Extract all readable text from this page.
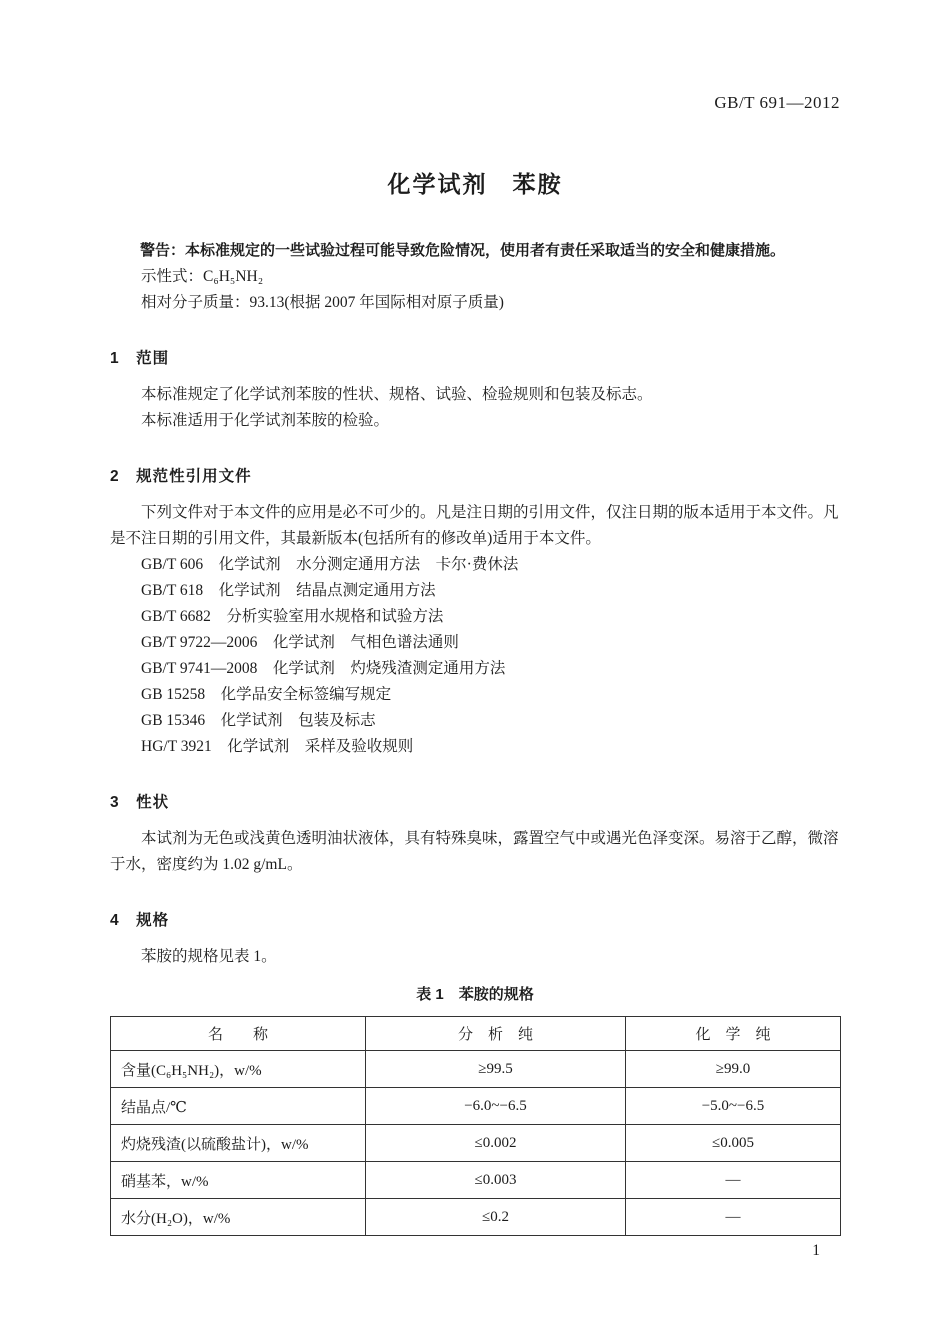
GB/T 691—2012
化学试剂　苯胺

警告：本标准规定的一些试验过程可能导致危险情况，使用者有责任采取适当的安全和健康措施。

示性式：C₆H₅NH₂

相对分子质量：93.13(根据 2007 年国际相对原子质量)

1　范围

本标准规定了化学试剂苯胺的性状、规格、试验、检验规则和包装及标志。

本标准适用于化学试剂苯胺的检验。

2　规范性引用文件

下列文件对于本文件的应用是必不可少的。凡是注日期的引用文件，仅注日期的版本适用于本文件。凡是不注日期的引用文件，其最新版本(包括所有的修改单)适用于本文件。

GB/T 606　化学试剂　水分测定通用方法　卡尔·费休法

GB/T 618　化学试剂　结晶点测定通用方法

GB/T 6682　分析实验室用水规格和试验方法

GB/T 9722—2006　化学试剂　气相色谱法通则

GB/T 9741—2008　化学试剂　灼烧残渣测定通用方法

GB 15258　化学品安全标签编写规定

GB 15346　化学试剂　包装及标志

HG/T 3921　化学试剂　采样及验收规则

3　性状

本试剂为无色或浅黄色透明油状液体，具有特殊臭味，露置空气中或遇光色泽变深。易溶于乙醇，微溶于水，密度约为 1.02 g/mL。

4　规格

苯胺的规格见表 1。

表 1　苯胺的规格
名　　称	分　析　纯	化　学　纯
含量(C₆H₅NH₂)，w/%	≥99.5	≥99.0
结晶点/℃	−6.0~−6.5	−5.0~−6.5
灼烧残渣(以硫酸盐计)，w/%	≤0.002	≤0.005
硝基苯，w/%	≤0.003	—
水分(H₂O)，w/%	≤0.2	—
1
